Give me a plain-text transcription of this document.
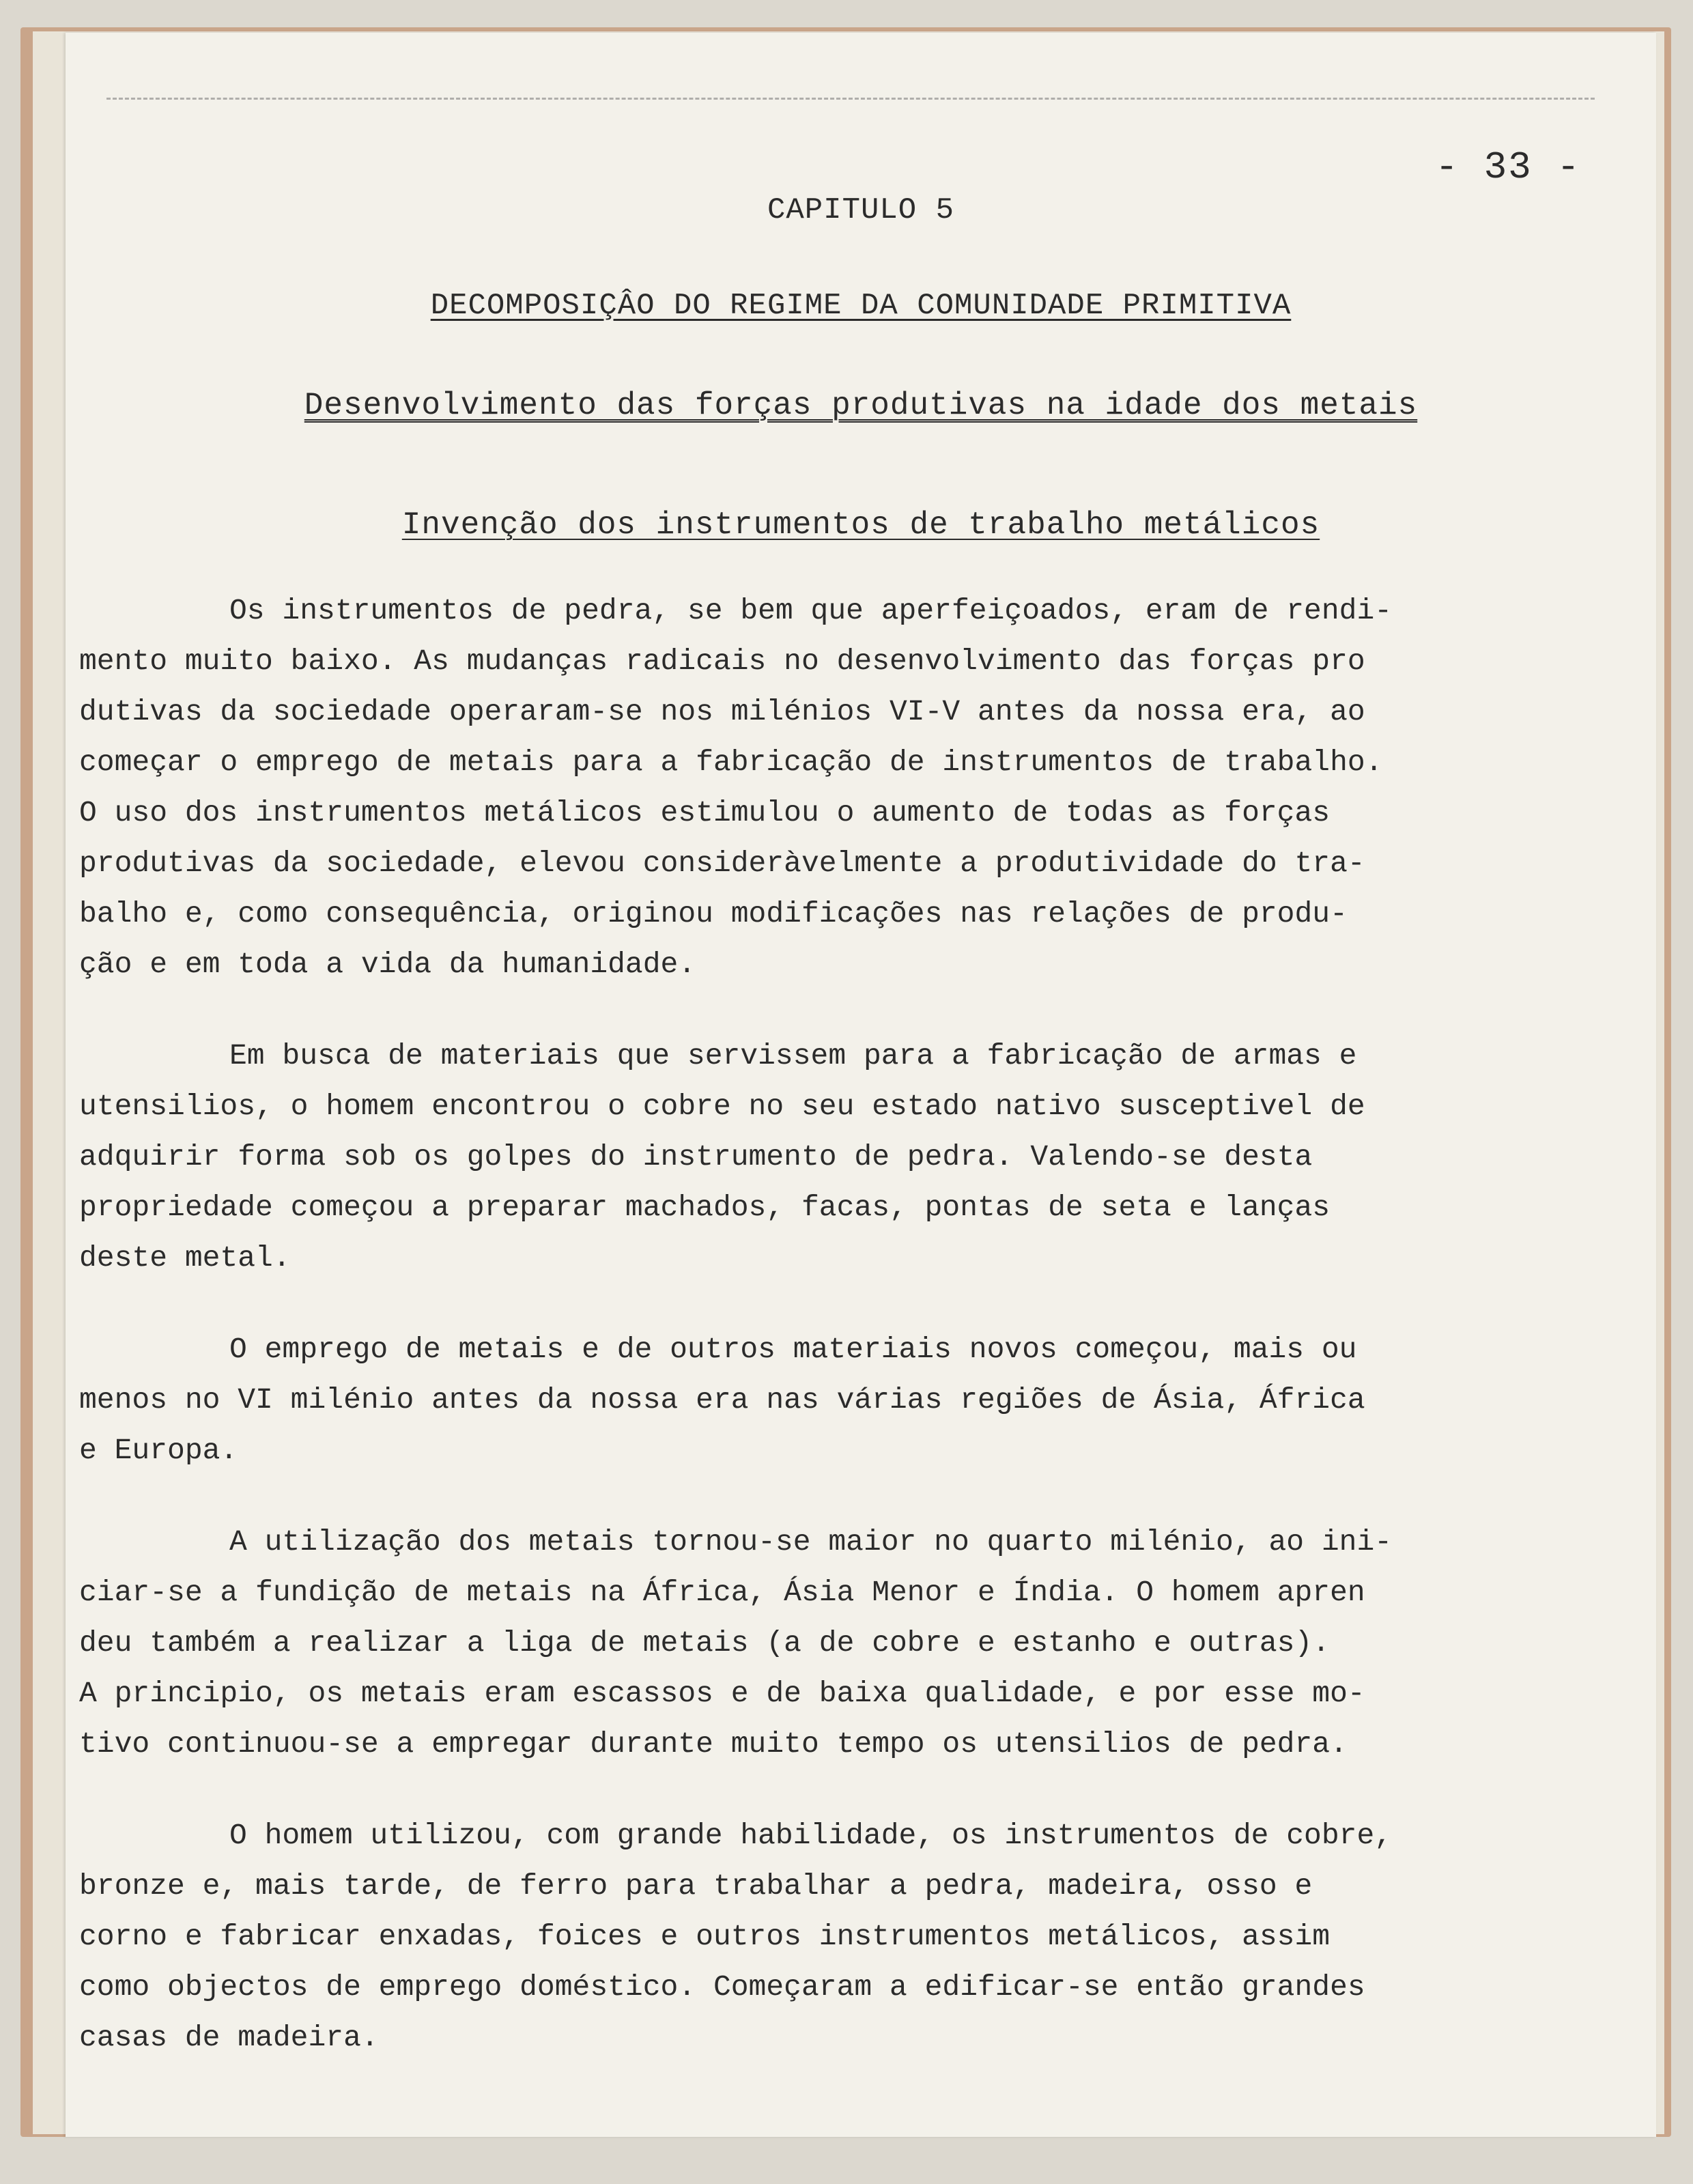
- 33 -
CAPITULO 5
DECOMPOSIÇÂO DO REGIME DA COMUNIDADE PRIMITIVA
Desenvolvimento das forças produtivas na idade dos metais
Invenção dos instrumentos de trabalho metálicos
Os instrumentos de pedra, se bem que aperfeiçoados, eram de rendi-
mento muito baixo. As mudanças radicais no desenvolvimento das forças pro
dutivas da sociedade operaram-se nos milénios VI-V antes da nossa era, ao
começar o emprego de metais para a fabricação de instrumentos de trabalho.
O uso dos instrumentos metálicos estimulou o aumento de todas as forças
produtivas da sociedade, elevou consideràvelmente a produtividade do tra-
balho e, como consequência, originou modificações nas relações de produ-
ção e em toda a vida da humanidade.
Em busca de materiais que servissem para a fabricação de armas e
utensilios, o homem encontrou o cobre no seu estado nativo susceptivel de
adquirir forma sob os golpes do instrumento de pedra. Valendo-se desta
propriedade começou a preparar machados, facas, pontas de seta e lanças
deste metal.
O emprego de metais e de outros materiais novos começou, mais ou
menos no VI milénio antes da nossa era nas várias regiões de Ásia, África
e Europa.
A utilização dos metais tornou-se maior no quarto milénio, ao ini-
ciar-se a fundição de metais na África, Ásia Menor e Índia. O homem apren
deu também a realizar a liga de metais (a de cobre e estanho e outras).
A principio, os metais eram escassos e de baixa qualidade, e por esse mo-
tivo continuou-se a empregar durante muito tempo os utensilios de pedra.
O homem utilizou, com grande habilidade, os instrumentos de cobre,
bronze e, mais tarde, de ferro para trabalhar a pedra, madeira, osso e
corno e fabricar enxadas, foices e outros instrumentos metálicos, assim
como objectos de emprego doméstico. Começaram a edificar-se então grandes
casas de madeira.
